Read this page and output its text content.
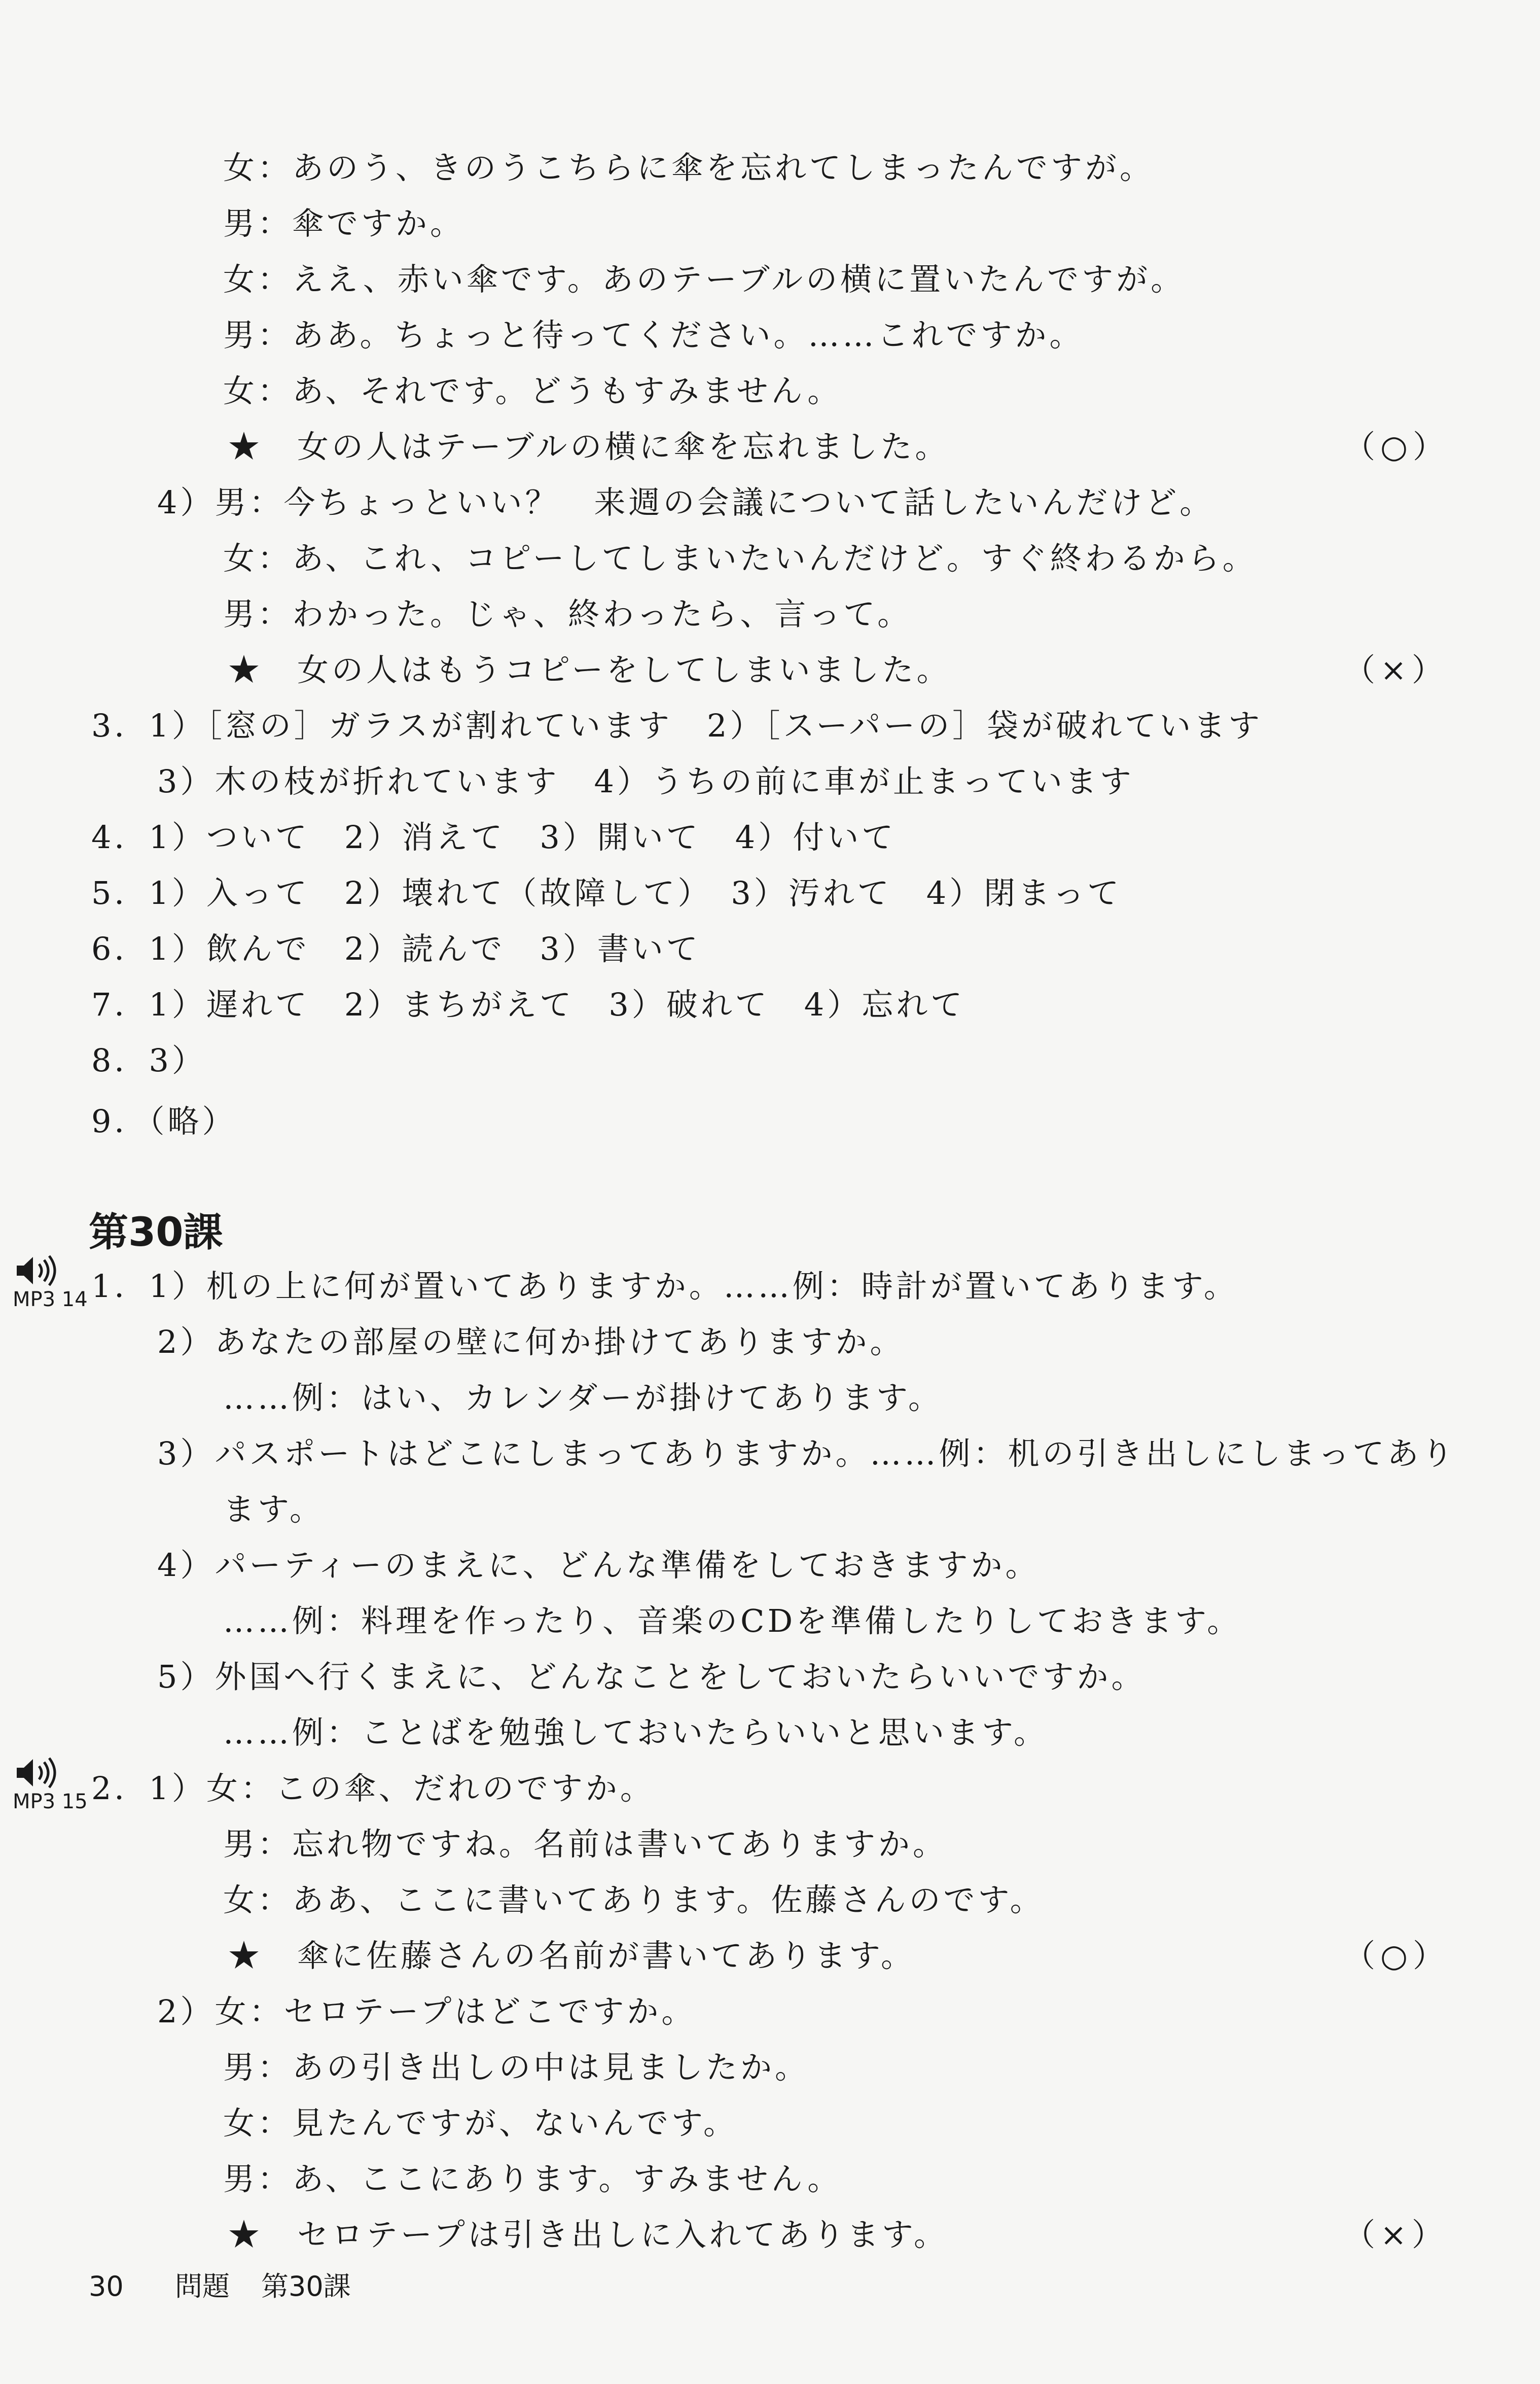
女：あのう、きのうこちらに傘を忘れてしまったんですが。
男：傘ですか。
女：ええ、赤い傘です。あのテーブルの横に置いたんですが。
男：ああ。ちょっと待ってください。……これですか。
女：あ、それです。どうもすみません。
★　女の人はテーブルの横に傘を忘れました。
4）男：今ちょっといい？　来週の会議について話したいんだけど。
女：あ、これ、コピーしてしまいたいんだけど。すぐ終わるから。
男：わかった。じゃ、終わったら、言って。
★　女の人はもうコピーをしてしまいました。
3．1）［窓の］ガラスが割れています　2）［スーパーの］袋が破れています
3）木の枝が折れています　4）うちの前に車が止まっています
4．1）ついて　2）消えて　3）開いて　4）付いて
5．1）入って　2）壊れて（故障して）　3）汚れて　4）閉まって
6．1）飲んで　2）読んで　3）書いて
7．1）遅れて　2）まちがえて　3）破れて　4）忘れて
8．3）
9．（略）
（○）
（×）
第30課
MP3 14
MP3 15
1．1）机の上に何が置いてありますか。……例：時計が置いてあります。
2）あなたの部屋の壁に何か掛けてありますか。
……例：はい、カレンダーが掛けてあります。
3）パスポートはどこにしまってありますか。……例：机の引き出しにしまってあり
ます。
4）パーティーのまえに、どんな準備をしておきますか。
……例：料理を作ったり、音楽のCDを準備したりしておきます。
5）外国へ行くまえに、どんなことをしておいたらいいですか。
……例：ことばを勉強しておいたらいいと思います。
2．1）女：この傘、だれのですか。
男：忘れ物ですね。名前は書いてありますか。
女：ああ、ここに書いてあります。佐藤さんのです。
★　傘に佐藤さんの名前が書いてあります。
2）女：セロテープはどこですか。
男：あの引き出しの中は見ましたか。
女：見たんですが、ないんです。
男：あ、ここにあります。すみません。
★　セロテープは引き出しに入れてあります。
（○）
（×）
30 問題 第30課
